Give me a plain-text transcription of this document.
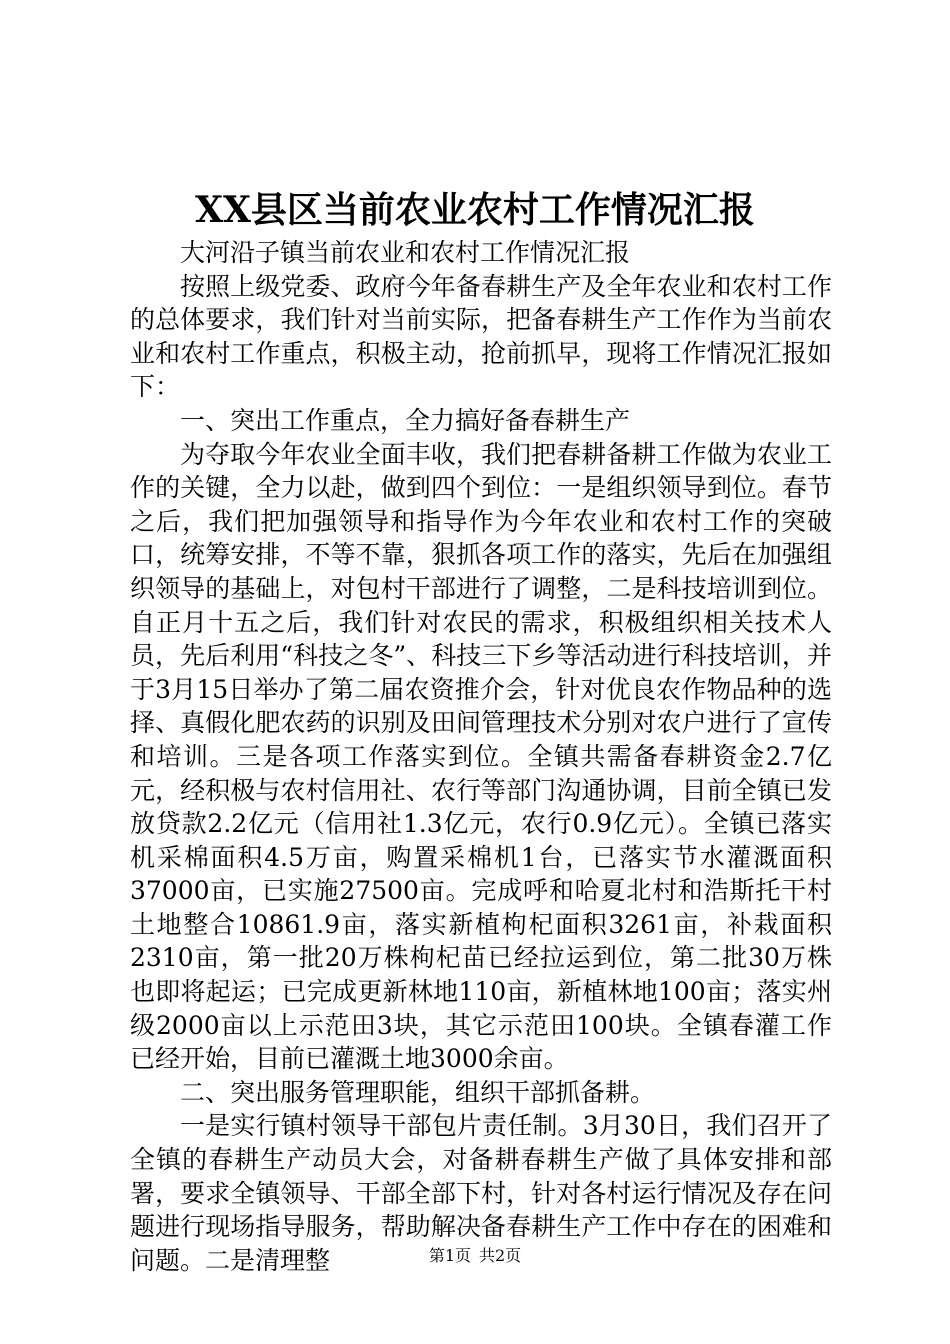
XX县区当前农业农村工作情况汇报

大河沿子镇当前农业和农村工作情况汇报

按照上级党委、政府今年备春耕生产及全年农业和农村工作的总体要求，我们针对当前实际，把备春耕生产工作作为当前农业和农村工作重点，积极主动，抢前抓早，现将工作情况汇报如下：

一、突出工作重点，全力搞好备春耕生产

为夺取今年农业全面丰收，我们把春耕备耕工作做为农业工作的关键，全力以赴，做到四个到位：一是组织领导到位。春节之后，我们把加强领导和指导作为今年农业和农村工作的突破口，统筹安排，不等不靠，狠抓各项工作的落实，先后在加强组织领导的基础上，对包村干部进行了调整，二是科技培训到位。自正月十五之后，我们针对农民的需求，积极组织相关技术人员，先后利用“科技之冬”、科技三下乡等活动进行科技培训，并于3月15日举办了第二届农资推介会，针对优良农作物品种的选择、真假化肥农药的识别及田间管理技术分别对农户进行了宣传和培训。三是各项工作落实到位。全镇共需备春耕资金2.7亿元，经积极与农村信用社、农行等部门沟通协调，目前全镇已发放贷款2.2亿元（信用社1.3亿元，农行0.9亿元）。全镇已落实机采棉面积4.5万亩，购置采棉机1台，已落实节水灌溉面积37000亩，已实施27500亩。完成呼和哈夏北村和浩斯托干村土地整合10861.9亩，落实新植枸杞面积3261亩，补栽面积2310亩，第一批20万株枸杞苗已经拉运到位，第二批30万株也即将起运；已完成更新林地110亩，新植林地100亩；落实州级2000亩以上示范田3块，其它示范田100块。全镇春灌工作已经开始，目前已灌溉土地3000余亩。

二、突出服务管理职能，组织干部抓备耕。

一是实行镇村领导干部包片责任制。3月30日，我们召开了全镇的春耕生产动员大会，对备耕春耕生产做了具体安排和部署，要求全镇领导、干部全部下村，针对各村运行情况及存在问题进行现场指导服务，帮助解决备春耕生产工作中存在的困难和问题。二是清理整	第1页 共2页
